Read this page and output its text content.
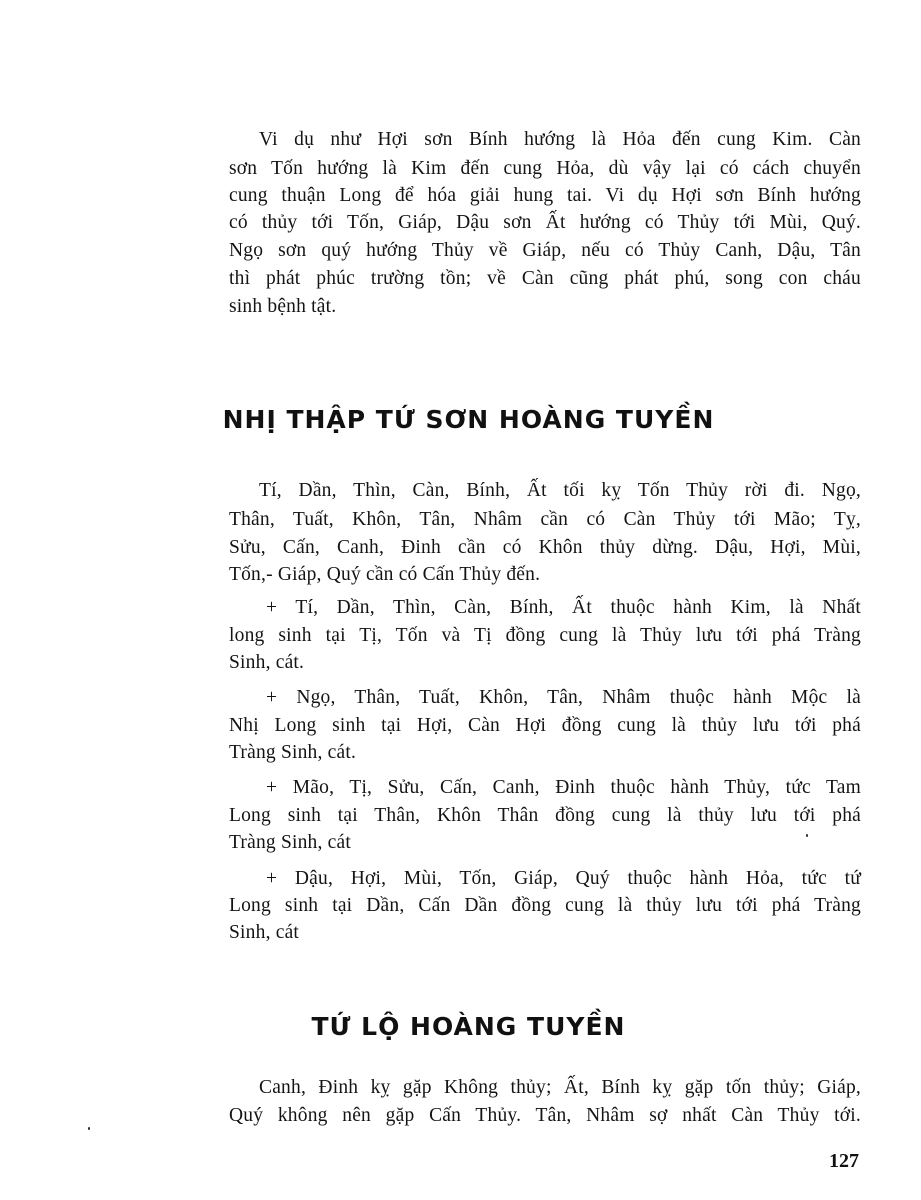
Vi dụ như Hợi sơn Bính hướng là Hỏa đến cung Kim. Càn
sơn Tốn hướng là Kim đến cung Hỏa, dù vậy lại có cách chuyển
cung thuận Long để hóa giải hung tai. Vi dụ Hợi sơn Bính hướng
có thủy tới Tốn, Giáp, Dậu sơn Ất hướng có Thủy tới Mùi, Quý.
Ngọ sơn quý hướng Thủy về Giáp, nếu có Thủy Canh, Dậu, Tân
thì phát phúc trường tồn; về Càn cũng phát phú, song con cháu
sinh bệnh tật.
NHỊ THẬP TỨ SƠN HOÀNG TUYỀN
Tí, Dần, Thìn, Càn, Bính, Ất tối kỵ Tốn Thủy rời đi. Ngọ,
Thân, Tuất, Khôn, Tân, Nhâm cần có Càn Thủy tới Mão; Tỵ,
Sửu, Cấn, Canh, Đinh cần có Khôn thủy dừng. Dậu, Hợi, Mùi,
Tốn,- Giáp, Quý cần có Cấn Thủy đến.
+ Tí, Dần, Thìn, Càn, Bính, Ất thuộc hành Kim, là Nhất
long sinh tại Tị, Tốn và Tị đồng cung là Thủy lưu tới phá Tràng
Sinh, cát.
+ Ngọ, Thân, Tuất, Khôn, Tân, Nhâm thuộc hành Mộc là
Nhị Long sinh tại Hợi, Càn Hợi đồng cung là thủy lưu tới phá
Tràng Sinh, cát.
+ Mão, Tị, Sửu, Cấn, Canh, Đinh thuộc hành Thủy, tức Tam
Long sinh tại Thân, Khôn Thân đồng cung là thủy lưu tới phá
Tràng Sinh, cát
+ Dậu, Hợi, Mùi, Tốn, Giáp, Quý thuộc hành Hỏa, tức tứ
Long sinh tại Dần, Cấn Dần đồng cung là thủy lưu tới phá Tràng
Sinh, cát
TỨ LỘ HOÀNG TUYỀN
Canh, Đinh kỵ gặp Không thủy; Ất, Bính kỵ gặp tốn thủy; Giáp,
Quý không nên gặp Cấn Thủy. Tân, Nhâm sợ nhất Càn Thủy tới.
127
